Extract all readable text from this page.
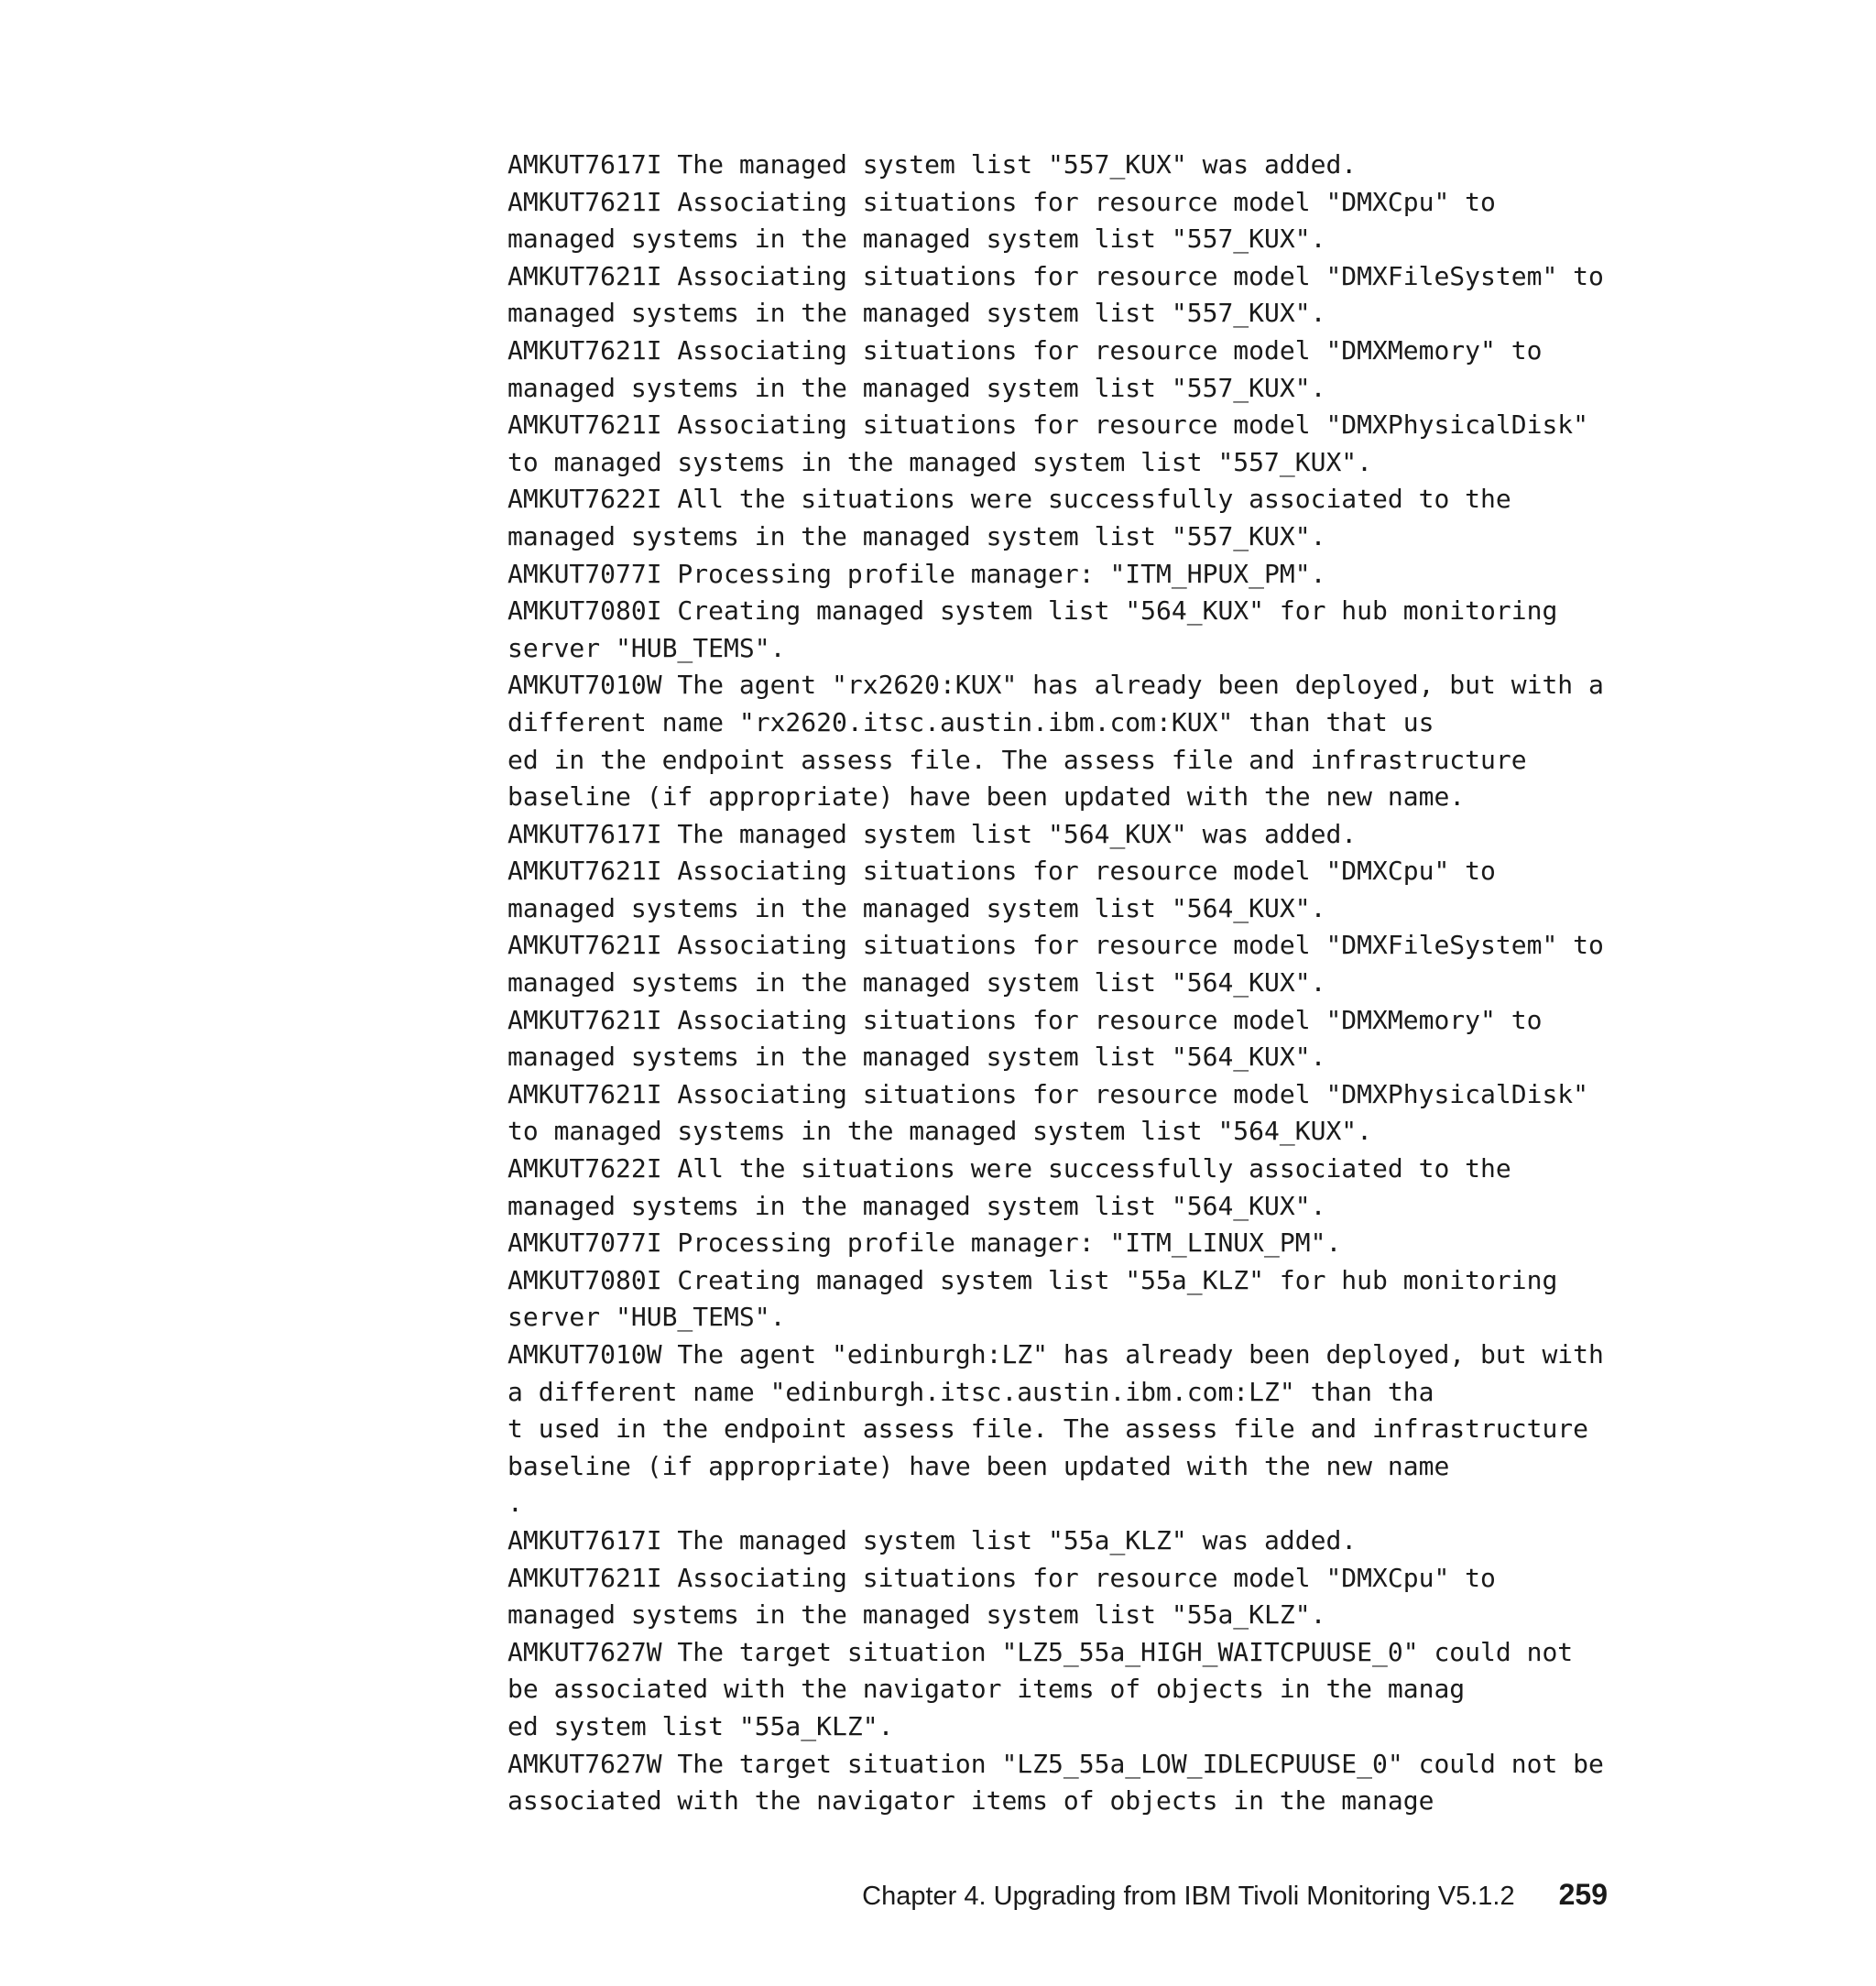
AMKUT7617I The managed system list "557_KUX" was added.
AMKUT7621I Associating situations for resource model "DMXCpu" to
managed systems in the managed system list "557_KUX".
AMKUT7621I Associating situations for resource model "DMXFileSystem" to
managed systems in the managed system list "557_KUX".
AMKUT7621I Associating situations for resource model "DMXMemory" to
managed systems in the managed system list "557_KUX".
AMKUT7621I Associating situations for resource model "DMXPhysicalDisk"
to managed systems in the managed system list "557_KUX".
AMKUT7622I All the situations were successfully associated to the
managed systems in the managed system list "557_KUX".
AMKUT7077I Processing profile manager: "ITM_HPUX_PM".
AMKUT7080I Creating managed system list "564_KUX" for hub monitoring
server "HUB_TEMS".
AMKUT7010W The agent "rx2620:KUX" has already been deployed, but with a
different name "rx2620.itsc.austin.ibm.com:KUX" than that us
ed in the endpoint assess file. The assess file and infrastructure
baseline (if appropriate) have been updated with the new name.
AMKUT7617I The managed system list "564_KUX" was added.
AMKUT7621I Associating situations for resource model "DMXCpu" to
managed systems in the managed system list "564_KUX".
AMKUT7621I Associating situations for resource model "DMXFileSystem" to
managed systems in the managed system list "564_KUX".
AMKUT7621I Associating situations for resource model "DMXMemory" to
managed systems in the managed system list "564_KUX".
AMKUT7621I Associating situations for resource model "DMXPhysicalDisk"
to managed systems in the managed system list "564_KUX".
AMKUT7622I All the situations were successfully associated to the
managed systems in the managed system list "564_KUX".
AMKUT7077I Processing profile manager: "ITM_LINUX_PM".
AMKUT7080I Creating managed system list "55a_KLZ" for hub monitoring
server "HUB_TEMS".
AMKUT7010W The agent "edinburgh:LZ" has already been deployed, but with
a different name "edinburgh.itsc.austin.ibm.com:LZ" than tha
t used in the endpoint assess file. The assess file and infrastructure
baseline (if appropriate) have been updated with the new name
.
AMKUT7617I The managed system list "55a_KLZ" was added.
AMKUT7621I Associating situations for resource model "DMXCpu" to
managed systems in the managed system list "55a_KLZ".
AMKUT7627W The target situation "LZ5_55a_HIGH_WAITCPUUSE_0" could not
be associated with the navigator items of objects in the manag
ed system list "55a_KLZ".
AMKUT7627W The target situation "LZ5_55a_LOW_IDLECPUUSE_0" could not be
associated with the navigator items of objects in the manage
Chapter 4. Upgrading from IBM Tivoli Monitoring V5.1.2 259
